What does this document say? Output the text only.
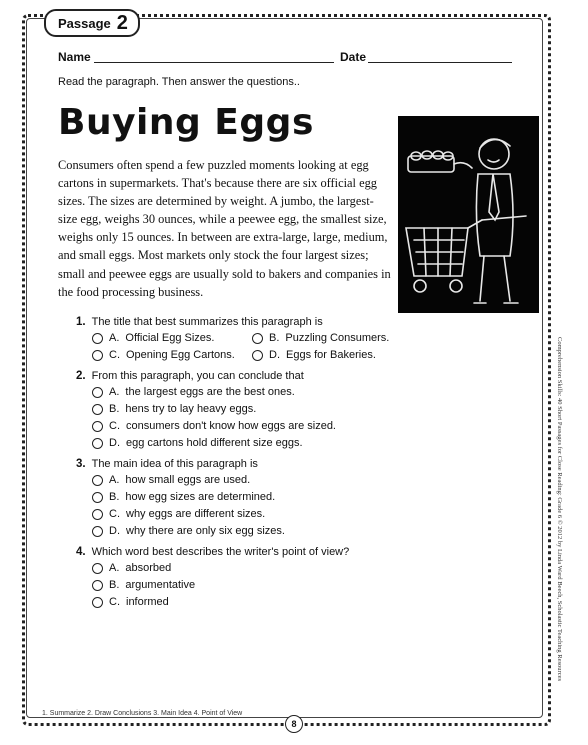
Passage 2
Name	Date
Read the paragraph. Then answer the questions..
Buying Eggs
Consumers often spend a few puzzled moments looking at egg cartons in supermarkets. That's because there are six official egg sizes. The sizes are determined by weight. A jumbo, the largest-size egg, weighs 30 ounces, while a peewee egg, the smallest size, weighs only 15 ounces. In between are extra-large, large, medium, and small eggs. Most markets only stock the four largest sizes; small and peewee eggs are usually sold to bakers and companies in the food processing business.
1. The title that best summarizes this paragraph is
A. Official Egg Sizes.	B. Puzzling Consumers.
C. Opening Egg Cartons.	D. Eggs for Bakeries.
2. From this paragraph, you can conclude that
A. the largest eggs are the best ones.
B. hens try to lay heavy eggs.
C. consumers don't know how eggs are sized.
D. egg cartons hold different size eggs.
3. The main idea of this paragraph is
A. how small eggs are used.
B. how egg sizes are determined.
C. why eggs are different sizes.
D. why there are only six egg sizes.
4. Which word best describes the writer's point of view?
A. absorbed
B. argumentative
C. informed
1. Summarize 2. Draw Conclusions 3. Main Idea 4. Point of View
8
Comprehension Skills: 40 Short Passages for Close Reading: Grade 6 © 2012 by Linda Ward Beech, Scholastic Teaching Resources
